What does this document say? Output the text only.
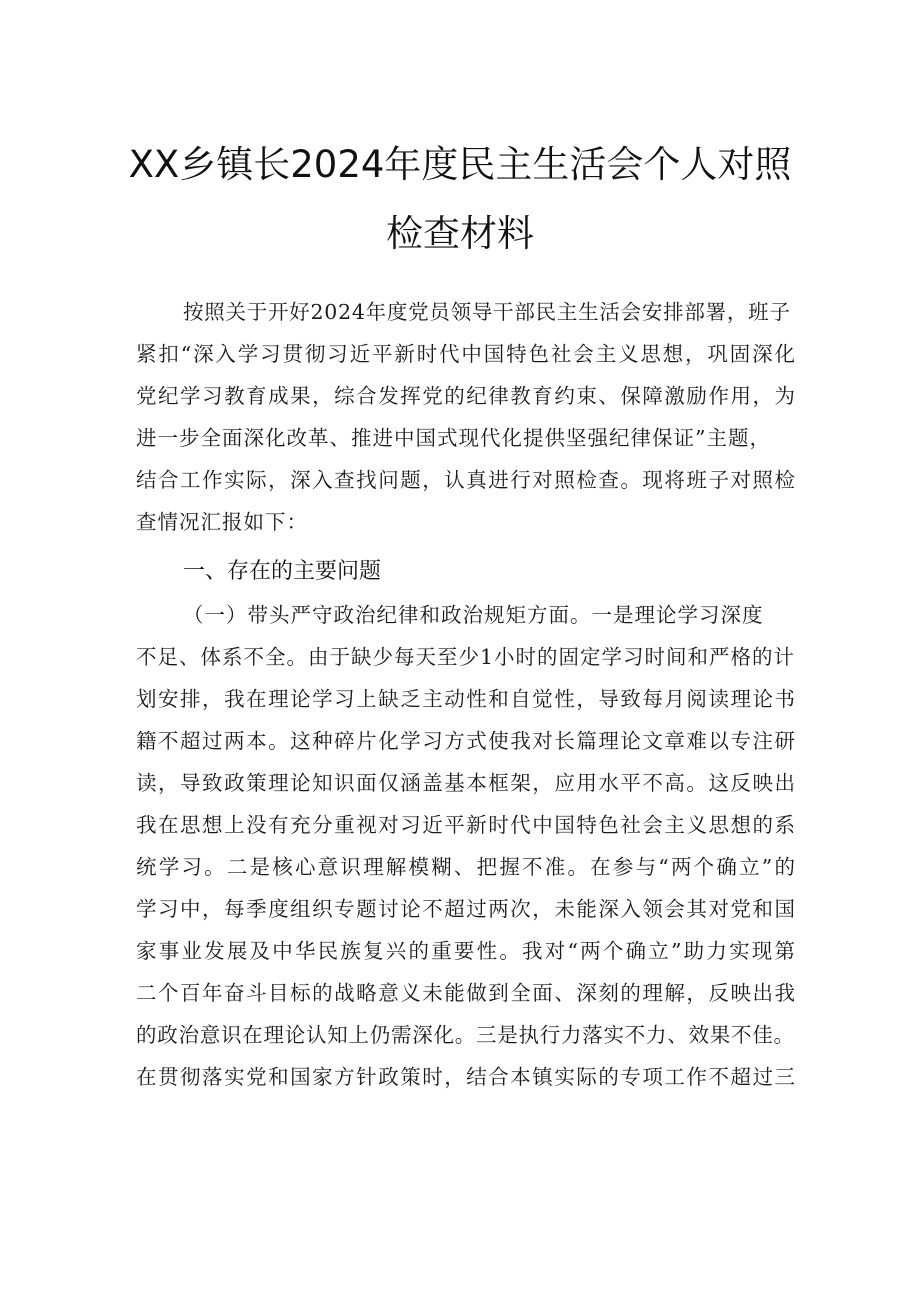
XX乡镇长2024年度民主生活会个人对照
检查材料
按照关于开好2024年度党员领导干部民主生活会安排部署，班子
紧扣“深入学习贯彻习近平新时代中国特色社会主义思想，巩固深化
党纪学习教育成果，综合发挥党的纪律教育约束、保障激励作用，为
进一步全面深化改革、推进中国式现代化提供坚强纪律保证”主题，
结合工作实际，深入查找问题，认真进行对照检查。现将班子对照检
查情况汇报如下：
一、存在的主要问题
（一）带头严守政治纪律和政治规矩方面。一是理论学习深度
不足、体系不全。由于缺少每天至少1小时的固定学习时间和严格的计
划安排，我在理论学习上缺乏主动性和自觉性，导致每月阅读理论书
籍不超过两本。这种碎片化学习方式使我对长篇理论文章难以专注研
读，导致政策理论知识面仅涵盖基本框架，应用水平不高。这反映出
我在思想上没有充分重视对习近平新时代中国特色社会主义思想的系
统学习。二是核心意识理解模糊、把握不准。在参与“两个确立”的
学习中，每季度组织专题讨论不超过两次，未能深入领会其对党和国
家事业发展及中华民族复兴的重要性。我对“两个确立”助力实现第
二个百年奋斗目标的战略意义未能做到全面、深刻的理解，反映出我
的政治意识在理论认知上仍需深化。三是执行力落实不力、效果不佳。
在贯彻落实党和国家方针政策时，结合本镇实际的专项工作不超过三
